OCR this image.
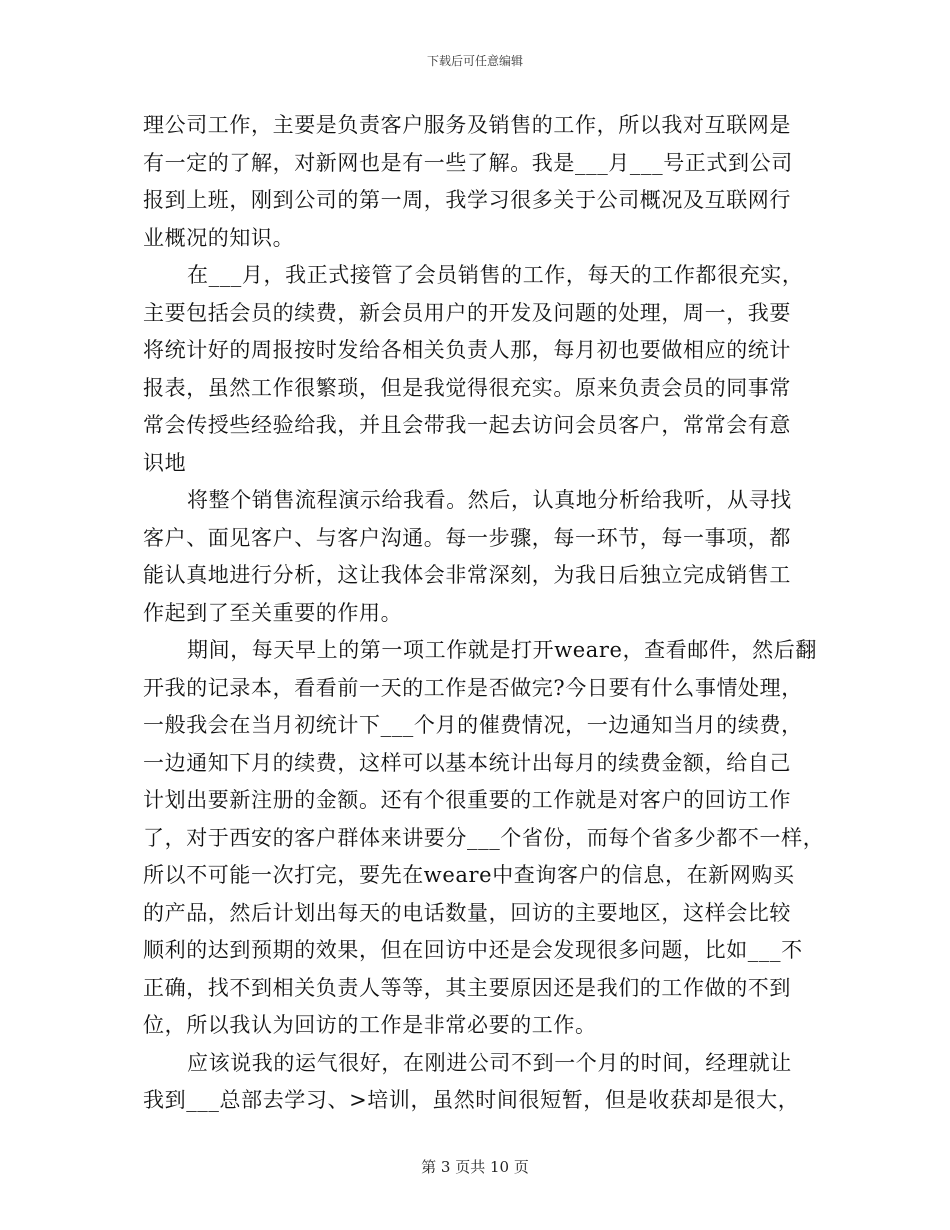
下载后可任意编辑
理公司工作，主要是负责客户服务及销售的工作，所以我对互联网是
有一定的了解，对新网也是有一些了解。我是___月___号正式到公司
报到上班，刚到公司的第一周，我学习很多关于公司概况及互联网行
业概况的知识。
在___月，我正式接管了会员销售的工作，每天的工作都很充实，
主要包括会员的续费，新会员用户的开发及问题的处理，周一，我要
将统计好的周报按时发给各相关负责人那，每月初也要做相应的统计
报表，虽然工作很繁琐，但是我觉得很充实。原来负责会员的同事常
常会传授些经验给我，并且会带我一起去访问会员客户，常常会有意
识地
将整个销售流程演示给我看。然后，认真地分析给我听，从寻找
客户、面见客户、与客户沟通。每一步骤，每一环节，每一事项，都
能认真地进行分析，这让我体会非常深刻，为我日后独立完成销售工
作起到了至关重要的作用。
期间，每天早上的第一项工作就是打开weare，查看邮件，然后翻
开我的记录本，看看前一天的工作是否做完?今日要有什么事情处理，
一般我会在当月初统计下___个月的催费情况，一边通知当月的续费，
一边通知下月的续费，这样可以基本统计出每月的续费金额，给自己
计划出要新注册的金额。还有个很重要的工作就是对客户的回访工作
了，对于西安的客户群体来讲要分___个省份，而每个省多少都不一样，
所以不可能一次打完，要先在weare中查询客户的信息，在新网购买
的产品，然后计划出每天的电话数量，回访的主要地区，这样会比较
顺利的达到预期的效果，但在回访中还是会发现很多问题，比如___不
正确，找不到相关负责人等等，其主要原因还是我们的工作做的不到
位，所以我认为回访的工作是非常必要的工作。
应该说我的运气很好，在刚进公司不到一个月的时间，经理就让
我到___总部去学习、>培训，虽然时间很短暂，但是收获却是很大，
第 3 页共 10 页
